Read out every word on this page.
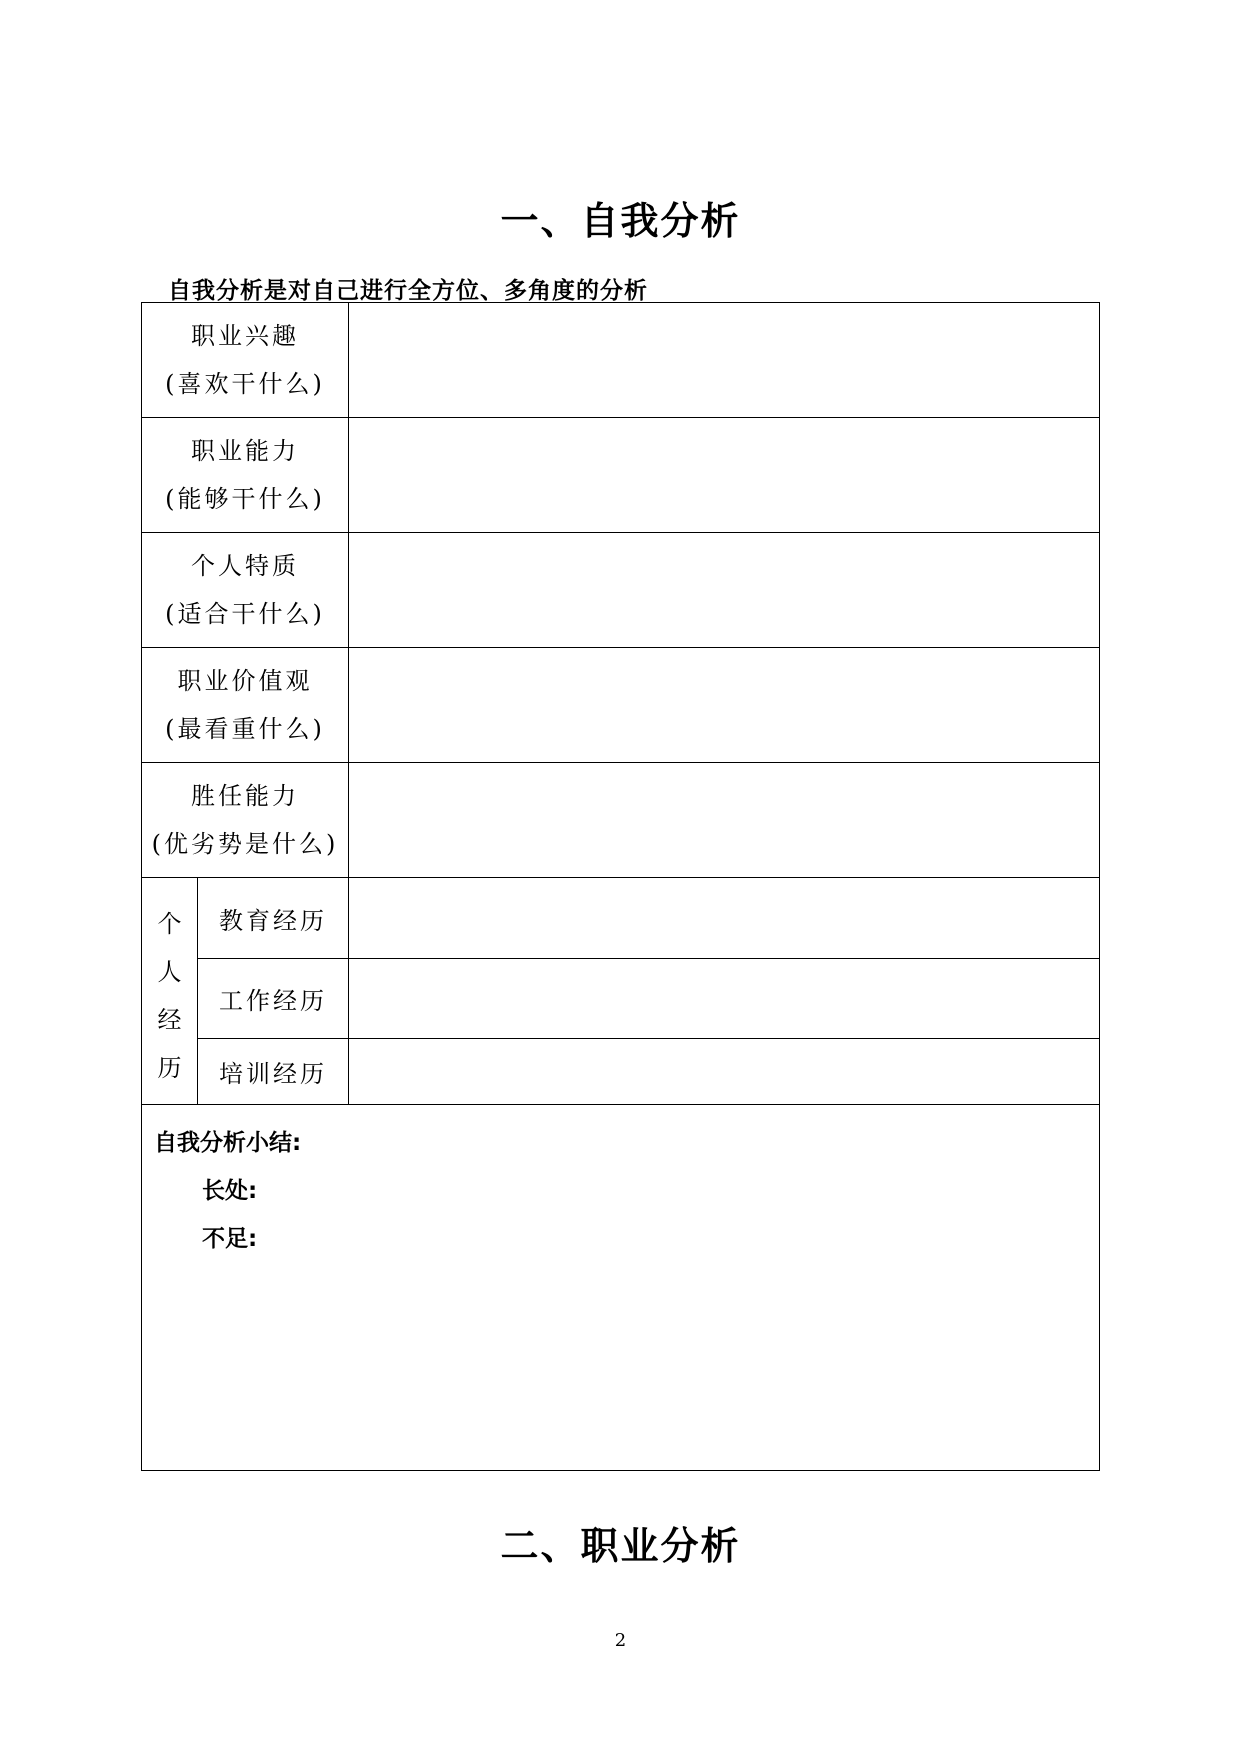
一、自我分析
自我分析是对自己进行全方位、多角度的分析
职业兴趣
(喜欢干什么)		

职业能力
(能够干什么)		

个人特质
(适合干什么)		

职业价值观
(最看重什么)		

胜任能力
(优劣势是什么)		

个
人
经
历	教育经历	
	工作经历	
	培训经历	

自我分析小结:
长处:
不足:		
二、职业分析
2
